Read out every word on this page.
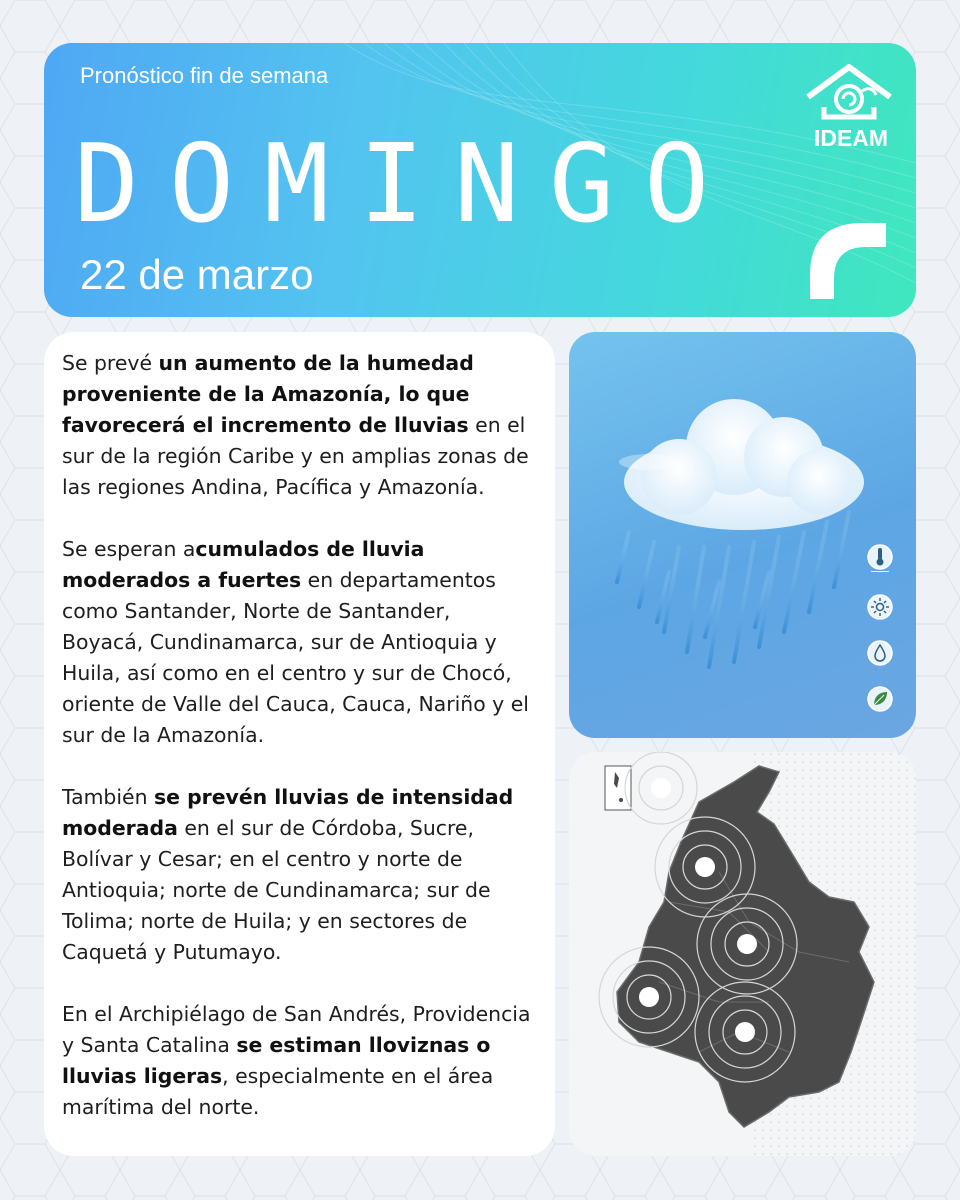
Pronóstico fin de semana
DOMINGO
22 de marzo
IDEAM

Se prevé un aumento de la humedad proveniente de la Amazonía, lo que favorecerá el incremento de lluvias en el sur de la región Caribe y en amplias zonas de las regiones Andina, Pacífica y Amazonía.

Se esperan acumulados de lluvia moderados a fuertes en departamentos como Santander, Norte de Santander, Boyacá, Cundinamarca, sur de Antioquia y Huila, así como en el centro y sur de Chocó, oriente de Valle del Cauca, Cauca, Nariño y el sur de la Amazonía.

También se prevén lluvias de intensidad moderada en el sur de Córdoba, Sucre, Bolívar y Cesar; en el centro y norte de Antioquia; norte de Cundinamarca; sur de Tolima; norte de Huila; y en sectores de Caquetá y Putumayo.

En el Archipiélago de San Andrés, Providencia y Santa Catalina se estiman lloviznas o lluvias ligeras, especialmente en el área marítima del norte.
